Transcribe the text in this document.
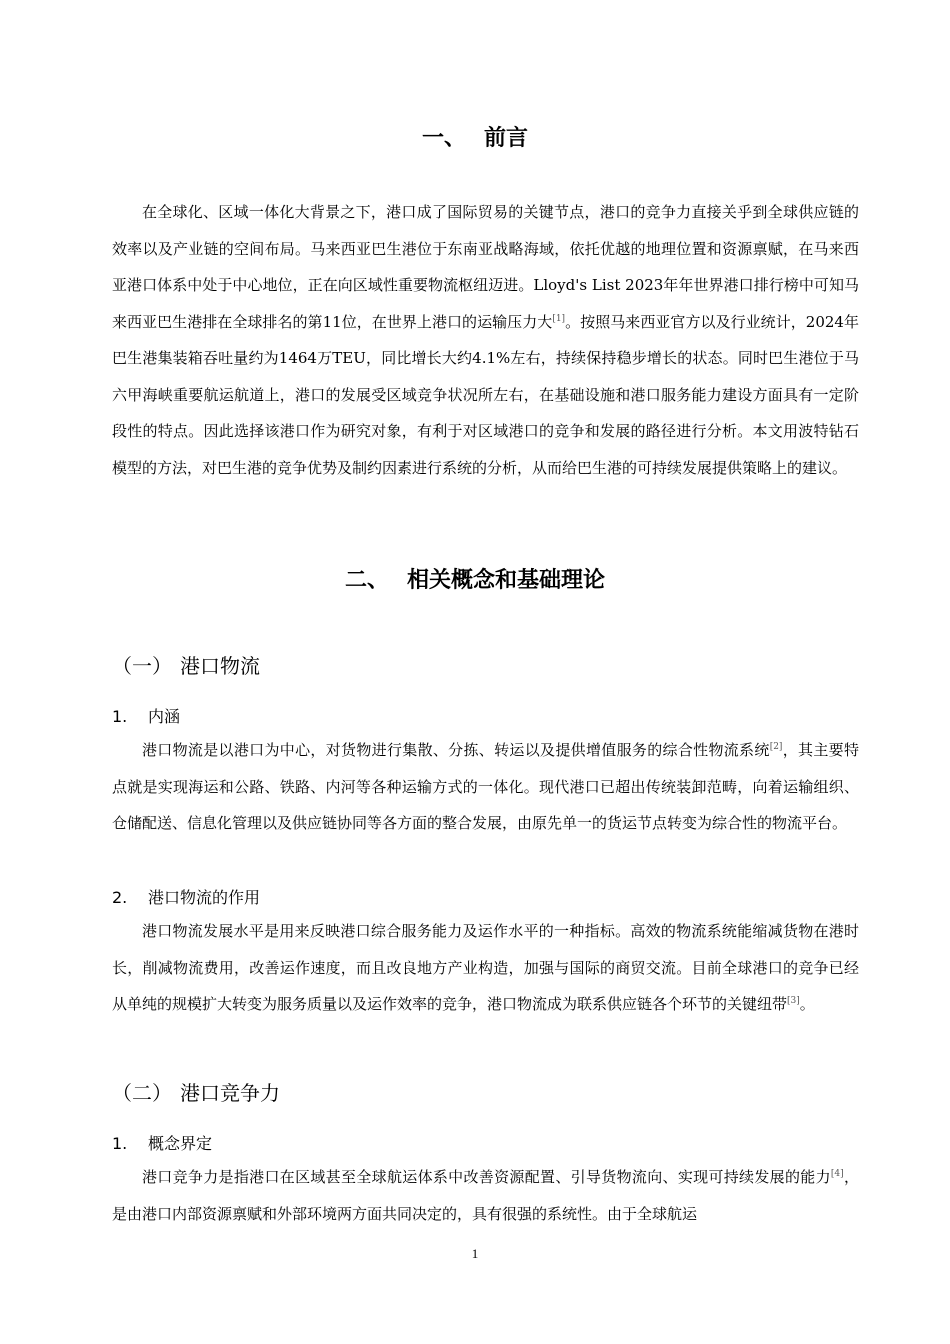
一、 前言

在全球化、区域一体化大背景之下，港口成了国际贸易的关键节点，港口的竞争力直接关乎到全球供应链的效率以及产业链的空间布局。马来西亚巴生港位于东南亚战略海域，依托优越的地理位置和资源禀赋，在马来西亚港口体系中处于中心地位，正在向区域性重要物流枢纽迈进。Lloyd's List 2023年年世界港口排行榜中可知马来西亚巴生港排在全球排名的第11位，在世界上港口的运输压力大[1]。按照马来西亚官方以及行业统计，2024年巴生港集装箱吞吐量约为1464万TEU，同比增长大约4.1%左右，持续保持稳步增长的状态。同时巴生港位于马六甲海峡重要航运航道上，港口的发展受区域竞争状况所左右，在基础设施和港口服务能力建设方面具有一定阶段性的特点。因此选择该港口作为研究对象，有利于对区域港口的竞争和发展的路径进行分析。本文用波特钻石模型的方法，对巴生港的竞争优势及制约因素进行系统的分析，从而给巴生港的可持续发展提供策略上的建议。

二、 相关概念和基础理论
（一） 港口物流
1. 内涵

港口物流是以港口为中心，对货物进行集散、分拣、转运以及提供增值服务的综合性物流系统[2]，其主要特点就是实现海运和公路、铁路、内河等各种运输方式的一体化。现代港口已超出传统装卸范畴，向着运输组织、仓储配送、信息化管理以及供应链协同等各方面的整合发展，由原先单一的货运节点转变为综合性的物流平台。

2. 港口物流的作用

港口物流发展水平是用来反映港口综合服务能力及运作水平的一种指标。高效的物流系统能缩减货物在港时长，削减物流费用，改善运作速度，而且改良地方产业构造，加强与国际的商贸交流。目前全球港口的竞争已经从单纯的规模扩大转变为服务质量以及运作效率的竞争，港口物流成为联系供应链各个环节的关键纽带[3]。

（二） 港口竞争力
1. 概念界定

港口竞争力是指港口在区域甚至全球航运体系中改善资源配置、引导货物流向、实现可持续发展的能力[4]，是由港口内部资源禀赋和外部环境两方面共同决定的，具有很强的系统性。由于全球航运

1
